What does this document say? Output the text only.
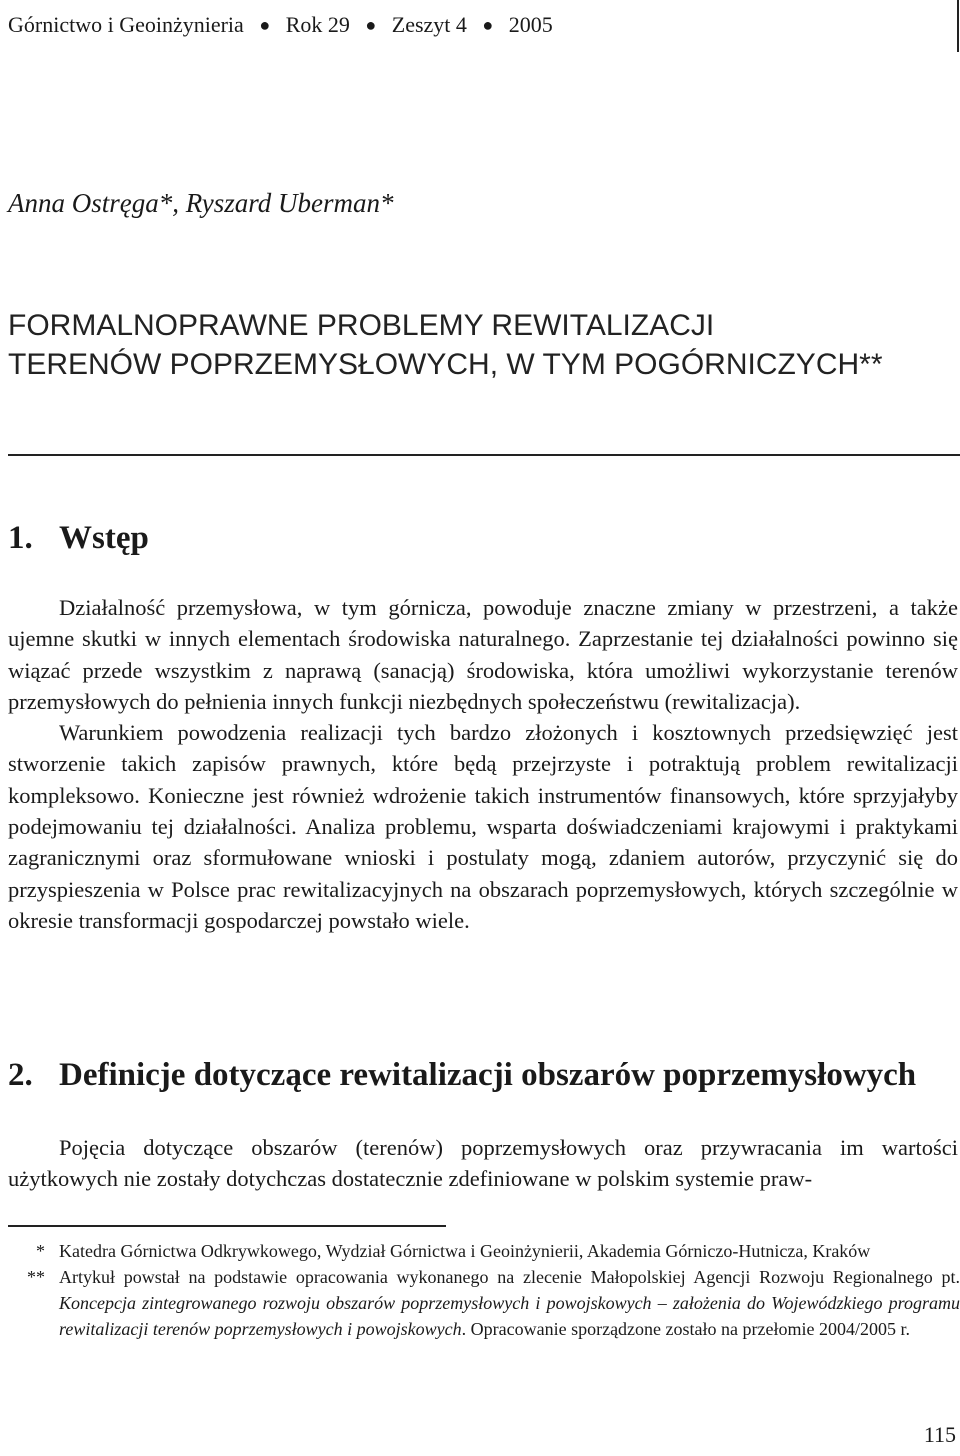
Górnictwo i Geoinżynieria ● Rok 29 ● Zeszyt 4 ● 2005
Anna Ostręga*, Ryszard Uberman*
FORMALNOPRAWNE PROBLEMY REWITALIZACJI
TERENÓW POPRZEMYSŁOWYCH, W TYM POGÓRNICZYCH**
1. Wstęp

Działalność przemysłowa, w tym górnicza, powoduje znaczne zmiany w przestrzeni, a także ujemne skutki w innych elementach środowiska naturalnego. Zaprzestanie tej działalności powinno się wiązać przede wszystkim z naprawą (sanacją) środowiska, która umożliwi wykorzystanie terenów przemysłowych do pełnienia innych funkcji niezbędnych społeczeństwu (rewitalizacja).

Warunkiem powodzenia realizacji tych bardzo złożonych i kosztownych przedsięwzięć jest stworzenie takich zapisów prawnych, które będą przejrzyste i potraktują problem rewitalizacji kompleksowo. Konieczne jest również wdrożenie takich instrumentów finansowych, które sprzyjałyby podejmowaniu tej działalności. Analiza problemu, wsparta doświadczeniami krajowymi i praktykami zagranicznymi oraz sformułowane wnioski i postulaty mogą, zdaniem autorów, przyczynić się do przyspieszenia w Polsce prac rewitalizacyjnych na obszarach poprzemysłowych, których szczególnie w okresie transformacji gospodarczej powstało wiele.

2. Definicje dotyczące rewitalizacji obszarów poprzemysłowych

Pojęcia dotyczące obszarów (terenów) poprzemysłowych oraz przywracania im wartości użytkowych nie zostały dotychczas dostatecznie zdefiniowane w polskim systemie praw-

* Katedra Górnictwa Odkrywkowego, Wydział Górnictwa i Geoinżynierii, Akademia Górniczo-Hutnicza, Kraków
** Artykuł powstał na podstawie opracowania wykonanego na zlecenie Małopolskiej Agencji Rozwoju Regionalnego pt. Koncepcja zintegrowanego rozwoju obszarów poprzemysłowych i powojskowych – założenia do Wojewódzkiego programu rewitalizacji terenów poprzemysłowych i powojskowych. Opracowanie sporządzone zostało na przełomie 2004/2005 r.
115
